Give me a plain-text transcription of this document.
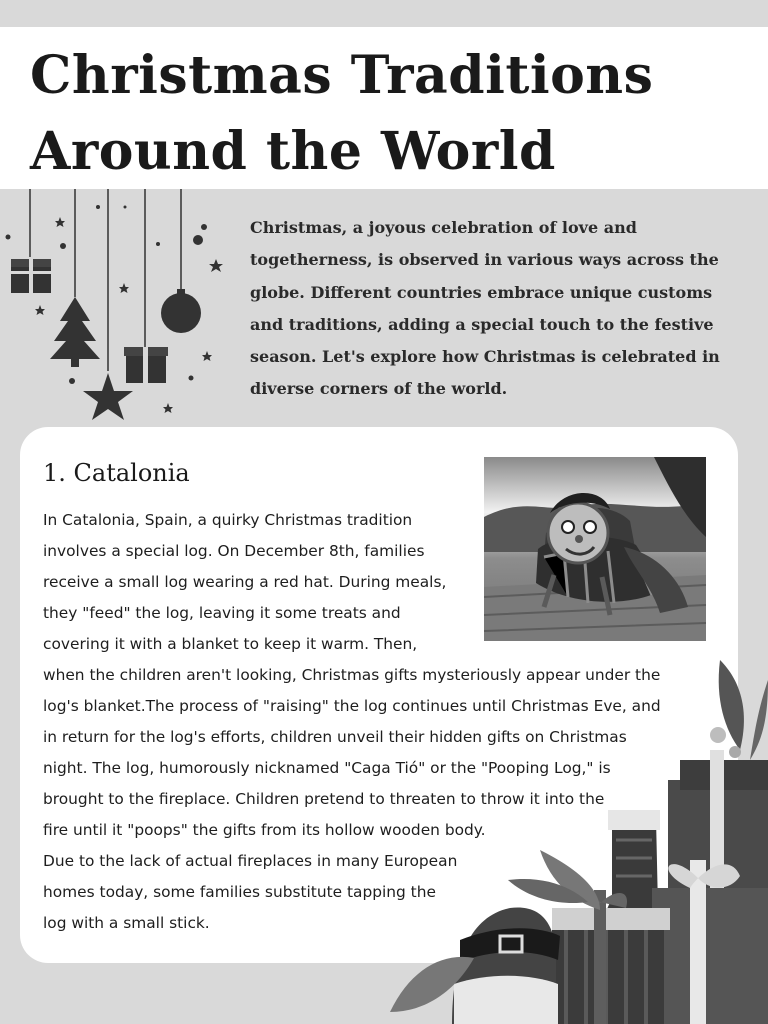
Christmas Traditions
Around the World

Christmas, a joyous celebration of love and togetherness, is observed in various ways across the globe. Different countries embrace unique customs and traditions, adding a special touch to the festive season. Let's explore how Christmas is celebrated in diverse corners of the world.

1. Catalonia

In Catalonia, Spain, a quirky Christmas tradition
involves a special log. On December 8th, families
receive a small log wearing a red hat. During meals,
they "feed" the log, leaving it some treats and
covering it with a blanket to keep it warm. Then,
when the children aren't looking, Christmas gifts mysteriously appear under the
log's blanket.The process of "raising" the log continues until Christmas Eve, and
in return for the log's efforts, children unveil their hidden gifts on Christmas
night. The log, humorously nicknamed "Caga Tió" or the "Pooping Log," is
brought to the fireplace. Children pretend to threaten to throw it into the
fire until it "poops" the gifts from its hollow wooden body.
Due to the lack of actual fireplaces in many European
homes today, some families substitute tapping the
log with a small stick.
